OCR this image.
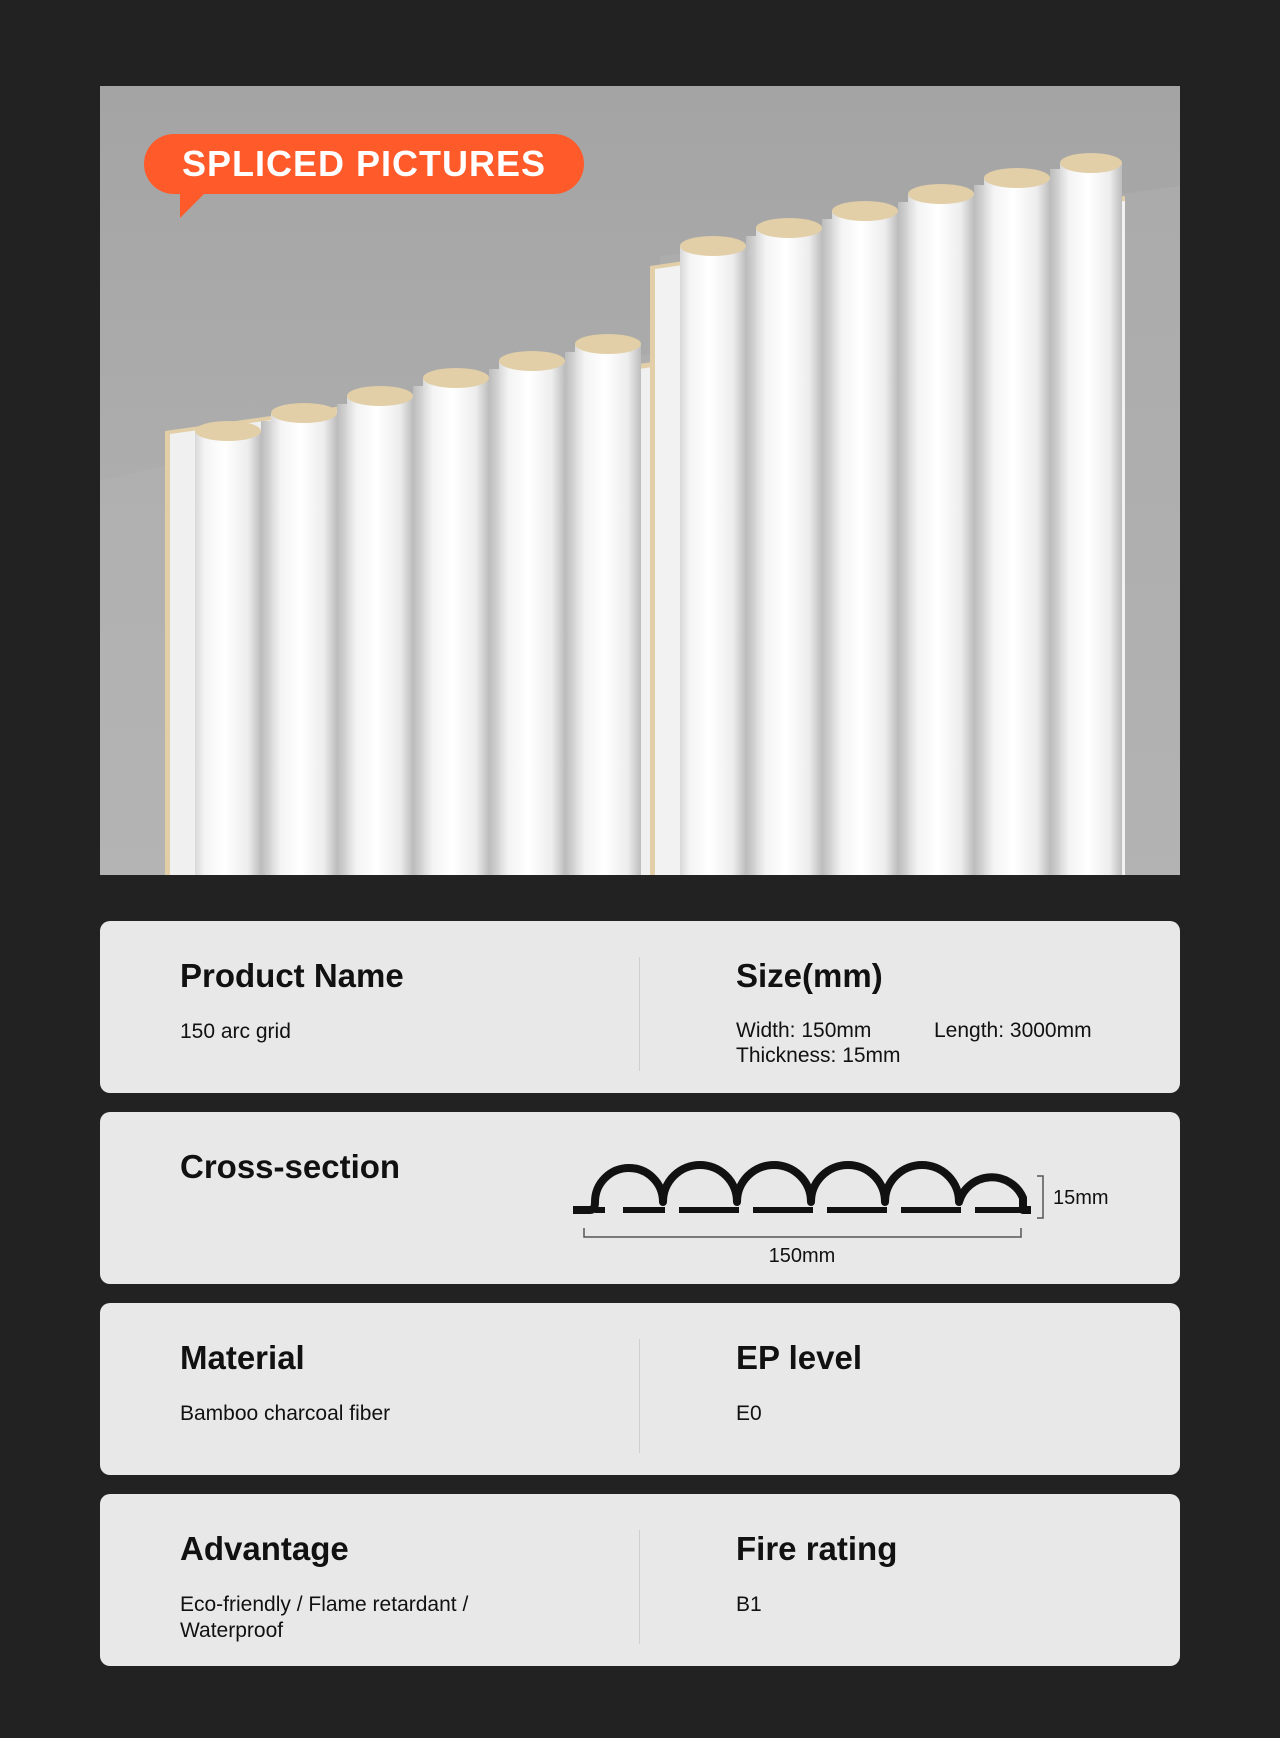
SPLICED PICTURES
Product Name
150 arc grid
Size(mm)
Width: 150mm	Length: 3000mm
Thickness: 15mm
Cross-section
15mm
150mm
Material
Bamboo charcoal fiber
EP level
E0
Advantage
Eco-friendly / Flame retardant /
Waterproof
Fire rating
B1
